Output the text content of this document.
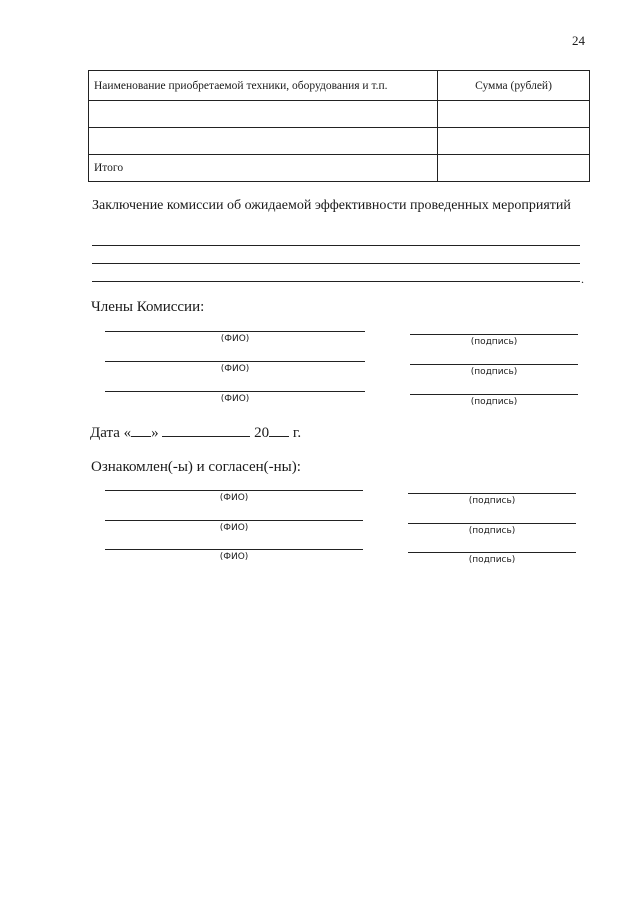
24
Наименование приобретаемой техники, оборудования и т.п.	Сумма (рублей)

Итого	
Заключение комиссии об ожидаемой эффективности проведенных мероприятий
.
Члены Комиссии:
(ФИО)	(подпись)
(ФИО)	(подпись)
(ФИО)	(подпись)
Дата « »	20 г.
Ознакомлен(-ы) и согласен(-ны):
(ФИО)	(подпись)
(ФИО)	(подпись)
(ФИО)	(подпись)
